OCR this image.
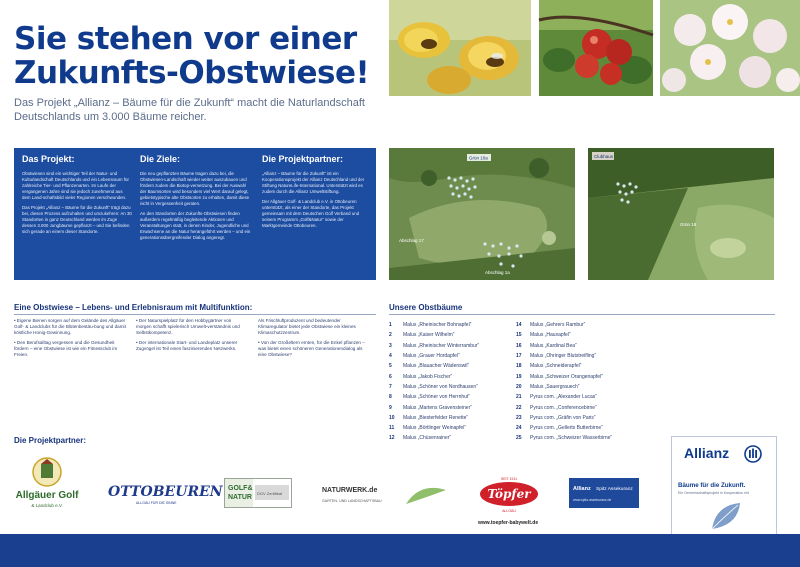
Sie stehen vor einer
Zukunfts-Obstwiese!
Das Projekt „Allianz – Bäume für die Zukunft“ macht die Naturlandschaft Deutschlands um 3.000 Bäume reicher.
Das Projekt:

Obstwiesen sind ein wichtiger Teil der Natur- und Kulturlandschaft Deutschlands und ein Lebensraum für zahlreiche Tier- und Pflanzenarten. Im Laufe der vergangenen Jahre sind sie jedoch zunehmend aus dem Land-schaftsbild vieler Regionen verschwunden.

Das Projekt „Allianz – Bäume für die Zukunft“ trägt dazu bei, diesen Prozess aufzuhalten und umzukehren: An 30 Standorten in ganz Deutschland werden im Zuge dessen 3.000 Jungbäume gepflanzt – und Sie befinden sich gerade an einem dieser Standorte.

Die Ziele:

Die neu gepflanzten Bäume tragen dazu bei, die Obstwiesen-Landschaft wieder weiter auszubauen und fördern zudem die Biotop-vernetzung. Bei der Auswahl der Baumsorten wird besonders viel Wert darauf gelegt, gebietstypische alte Obstsorten zu erhalten, damit diese nicht in Vergessenheit geraten.

An den Standorten der Zukunfts-Obstwiesen finden außerdem regelmäßig begleitende Aktionen und Veranstaltungen statt, in denen Kinder, Jugendliche und Erwachsene an die Natur herangeführt werden – und ein generationsübergreifender Dialog angeregt.

Die Projektpartner:

„Allianz – Bäume für die Zukunft“ ist ein Kooperationsprojekt der Allianz Deutschland und der Stiftung NatureLife-International. Unterstützt wird es zudem durch die Allianz Umweltstiftung.

Der Allgäuer Golf- & Landclub e.V. in Ottobeuren unterstützt, als einer der Standorte, das Projekt gemeinsam mit dem Deutschen Golf Verband und seinem Programm „Golf&Natur“ sowie der Marktgemeinde Ottobeuren.

Grün 10a
Abschlag 17
Abschlag 1a
Clubhaus
Grün 18
Eine Obstwiese – Lebens- und Erlebnisraum mit Multifunktion:

• Eigene Bienen sorgen auf dem Gelände des Allgäuer Golf- & Landclubs für die Blütenbestäu-bung und damit köstliche Honig-Gewinnung.

• Den Berufsalltag vergessen und die Gesundheit fördern – eine Obstwiese ist wie ein Fitnessclub im Freien.

• Der Naturspielplatz für den Hobbygärtner von morgen schafft spielerisch Umwelt-verständnis und Selbstkompetenz.

• Der internationale Start- und Landeplatz unserer Zugvögel ist Teil eines faszinierenden Netzwerks.

Als Frischluftproduzent und bedeutender Klimaregulator bietet jede Obstwiese ein kleines Klimaschutzzentrum.

• Von der Großeltern ernten, für die Enkel pflanzen – was bietet einen schöneren Generationendialog als eine Obstwiese?

Unsere Obstbäume
1	Malus „Rheinischer Bohnapfel“
2	Malus „Kaiser Wilhelm“
3	Malus „Rheinischer Winterrambur“
4	Malus „Grauer Hordapfel“
5	Malus „Blauacher Wädenswil“
6	Malus „Jakob Fischer“
7	Malus „Schöner von Nordhausen“
8	Malus „Schöner von Herrnhut“
9	Malus „Martens Gravensteiner“
10	Malus „Biesterfelder Renette“
11	Malus „Börtlinger Weinapfel“
12	Malus „Chüsenrainer“
14	Malus „Gehrers Rambur“
15	Malus „Hauxapfel“
16	Malus „Kardinal Bea“
17	Malus „Ohringer Blutstreifling“
18	Malus „Schneiderapfel“
19	Malus „Schweizer Orangenapfel“
20	Malus „Sauergrauech“
21	Pyrus com. „Alexander Lucas“
22	Pyrus com. „Conferencebirne“
23	Pyrus com. „Gräfin von Paris“
24	Pyrus com. „Gellerts Butterbirne“
25	Pyrus com. „Schweizer Wasserbirne“
Die Projektpartner:
Allgäuer Golf
& Landclub e.V.
OTTOBEUREN
ALLGÄU FÜR DIE SINNE
GOLF&
NATUR
DGV Zertifikat	NATURWERK.de
GARTEN- UND LANDSCHAFTSBAU
SEIT 1911
Töpfer
ALLGÄU
www.toepfer-babywelt.de
Allianz Spitz Assekuranz
www.spitz-assekuranz.de
Allianz
Bäume für die Zukunft.
Ein Gemeinschaftsprojekt in Kooperation mit
